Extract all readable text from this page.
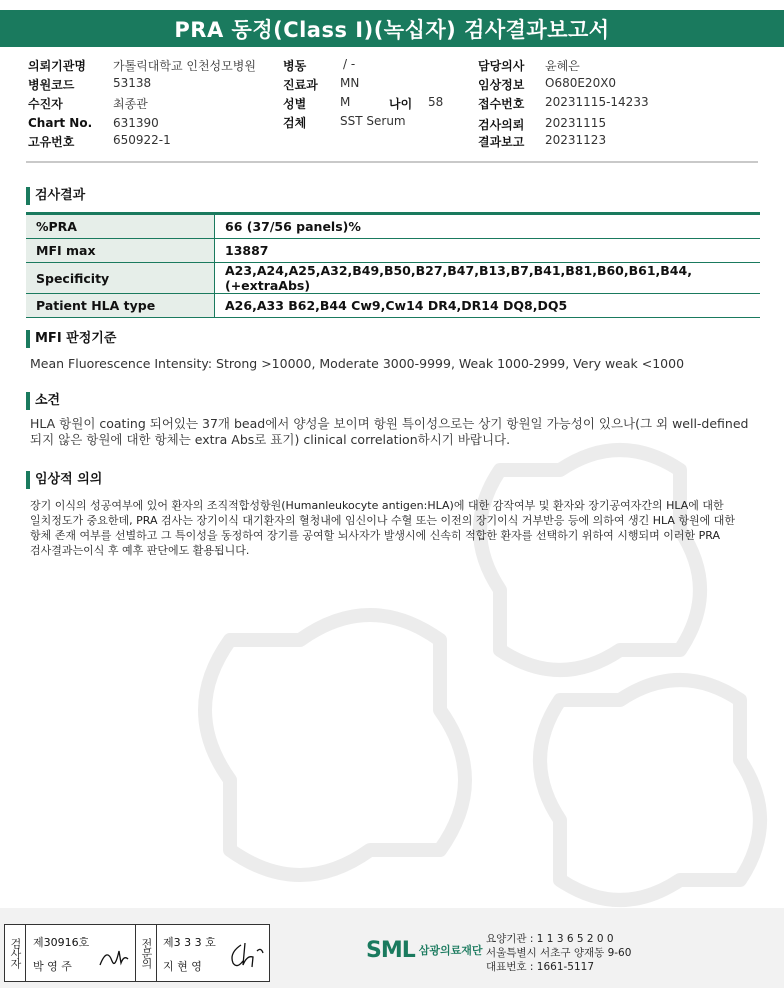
PRA 동정(Class I)(녹십자) 검사결과보고서
의뢰기관명 가톨릭대학교 인천성모병원
병원코드	53138
수진자	최종관
Chart No. 631390
고유번호	650922-1
병동	/ -
진료과 MN
성별	M	나이 58
검체	SST Serum
담당의사 윤혜은
임상정보 O680E20X0
접수번호 20231115-14233
검사의뢰 20231115
결과보고 20231123
검사결과
%PRA	66 (37/56 panels)%
MFI max	13887
Specificity	A23,A24,A25,A32,B49,B50,B27,B47,B13,B7,B41,B81,B60,B61,B44,(+extraAbs)
Patient HLA type	A26,A33 B62,B44 Cw9,Cw14 DR4,DR14 DQ8,DQ5
MFI 판정기준
Mean Fluorescence Intensity: Strong >10000, Moderate 3000-9999, Weak 1000-2999, Very weak <1000
소견
HLA 항원이 coating 되어있는 37개 bead에서 양성을 보이며 항원 특이성으로는 상기 항원일 가능성이 있으나(그 외 well-defined
되지 않은 항원에 대한 항체는 extra Abs로 표기) clinical correlation하시기 바랍니다.
임상적 의의
장기 이식의 성공여부에 있어 환자의 조직적합성항원(Humanleukocyte antigen:HLA)에 대한 감작여부 및 환자와 장기공여자간의 HLA에 대한
일치정도가 중요한데, PRA 검사는 장기이식 대기환자의 혈청내에 임신이나 수혈 또는 이전의 장기이식 거부반응 등에 의하여 생긴 HLA 항원에 대한
항체 존재 여부를 선별하고 그 특이성을 동정하여 장기를 공여할 뇌사자가 발생시에 신속히 적합한 환자를 선택하기 위하여 시행되며 이러한 PRA
검사결과는이식 후 예후 판단에도 활용됩니다.
검사자	제30916호
박 영 주	전문의 제3 3 3 호
지 현 영
SML 삼광의료재단
요양기관 : 1 1 3 6 5 2 0 0
서울특별시 서초구 양재동 9-60
대표번호 : 1661-5117
